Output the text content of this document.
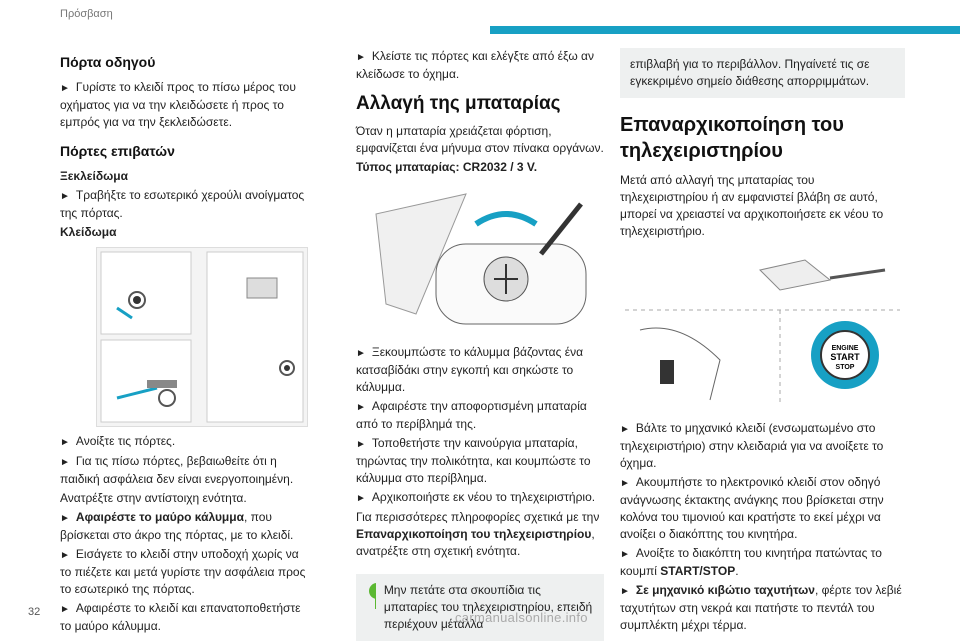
Πρόσβαση
Πόρτα οδηγού

► Γυρίστε το κλειδί προς το πίσω μέρος του οχήματος για να την κλειδώσετε ή προς το εμπρός για να την ξεκλειδώσετε.

Πόρτες επιβατών

Ξεκλείδωμα

► Τραβήξτε το εσωτερικό χερούλι ανοίγματος της πόρτας.

Κλείδωμα

► Ανοίξτε τις πόρτες.

► Για τις πίσω πόρτες, βεβαιωθείτε ότι η παιδική ασφάλεια δεν είναι ενεργοποιημένη.

Ανατρέξτε στην αντίστοιχη ενότητα.

► Αφαιρέστε το μαύρο κάλυμμα, που βρίσκεται στο άκρο της πόρτας, με το κλειδί.

► Εισάγετε το κλειδί στην υποδοχή χωρίς να το πιέζετε και μετά γυρίστε την ασφάλεια προς το εσωτερικό της πόρτας.

► Αφαιρέστε το κλειδί και επανατοποθετήστε το μαύρο κάλυμμα.

► Κλείστε τις πόρτες και ελέγξτε από έξω αν κλείδωσε το όχημα.

Αλλαγή της μπαταρίας

Όταν η μπαταρία χρειάζεται φόρτιση, εμφανίζεται ένα μήνυμα στον πίνακα οργάνων.

Τύπος μπαταρίας: CR2032 / 3 V.

► Ξεκουμπώστε το κάλυμμα βάζοντας ένα κατσαβίδάκι στην εγκοπή και σηκώστε το κάλυμμα.

► Αφαιρέστε την αποφορτισμένη μπαταρία από το περίβλημά της.

► Τοποθετήστε την καινούργια μπαταρία, τηρώντας την πολικότητα, και κουμπώστε το κάλυμμα στο περίβλημα.

► Αρχικοποιήστε εκ νέου το τηλεχειριστήριο.

Για περισσότερες πληροφορίες σχετικά με την Επαναρχικοποίηση του τηλεχειριστηρίου, ανατρέξτε στη σχετική ενότητα.

Μην πετάτε στα σκουπίδια τις μπαταρίες του τηλεχειριστηρίου, επειδή περιέχουν μέταλλα
επιβλαβή για το περιβάλλον. Πηγαίνετέ τις σε εγκεκριμένο σημείο διάθεσης απορριμμάτων.
Επαναρχικοποίηση του τηλεχειριστηρίου

Μετά από αλλαγή της μπαταρίας του τηλεχειριστηρίου ή αν εμφανιστεί βλάβη σε αυτό, μπορεί να χρειαστεί να αρχικοποιήσετε εκ νέου το τηλεχειριστήριο.

ENGINE
START
STOP

► Βάλτε το μηχανικό κλειδί (ενσωματωμένο στο τηλεχειριστήριο) στην κλειδαριά για να ανοίξετε το όχημα.

► Ακουμπήστε το ηλεκτρονικό κλειδί στον οδηγό ανάγνωσης έκτακτης ανάγκης που βρίσκεται στην κολόνα του τιμονιού και κρατήστε το εκεί μέχρι να ανοίξει ο διακόπτης του κινητήρα.

► Ανοίξτε το διακόπτη του κινητήρα πατώντας το κουμπί START/STOP.

► Σε μηχανικό κιβώτιο ταχυτήτων, φέρτε τον λεβιέ ταχυτήτων στη νεκρά και πατήστε το πεντάλ του συμπλέκτη μέχρι τέρμα.

32	carmanualsonline.info
